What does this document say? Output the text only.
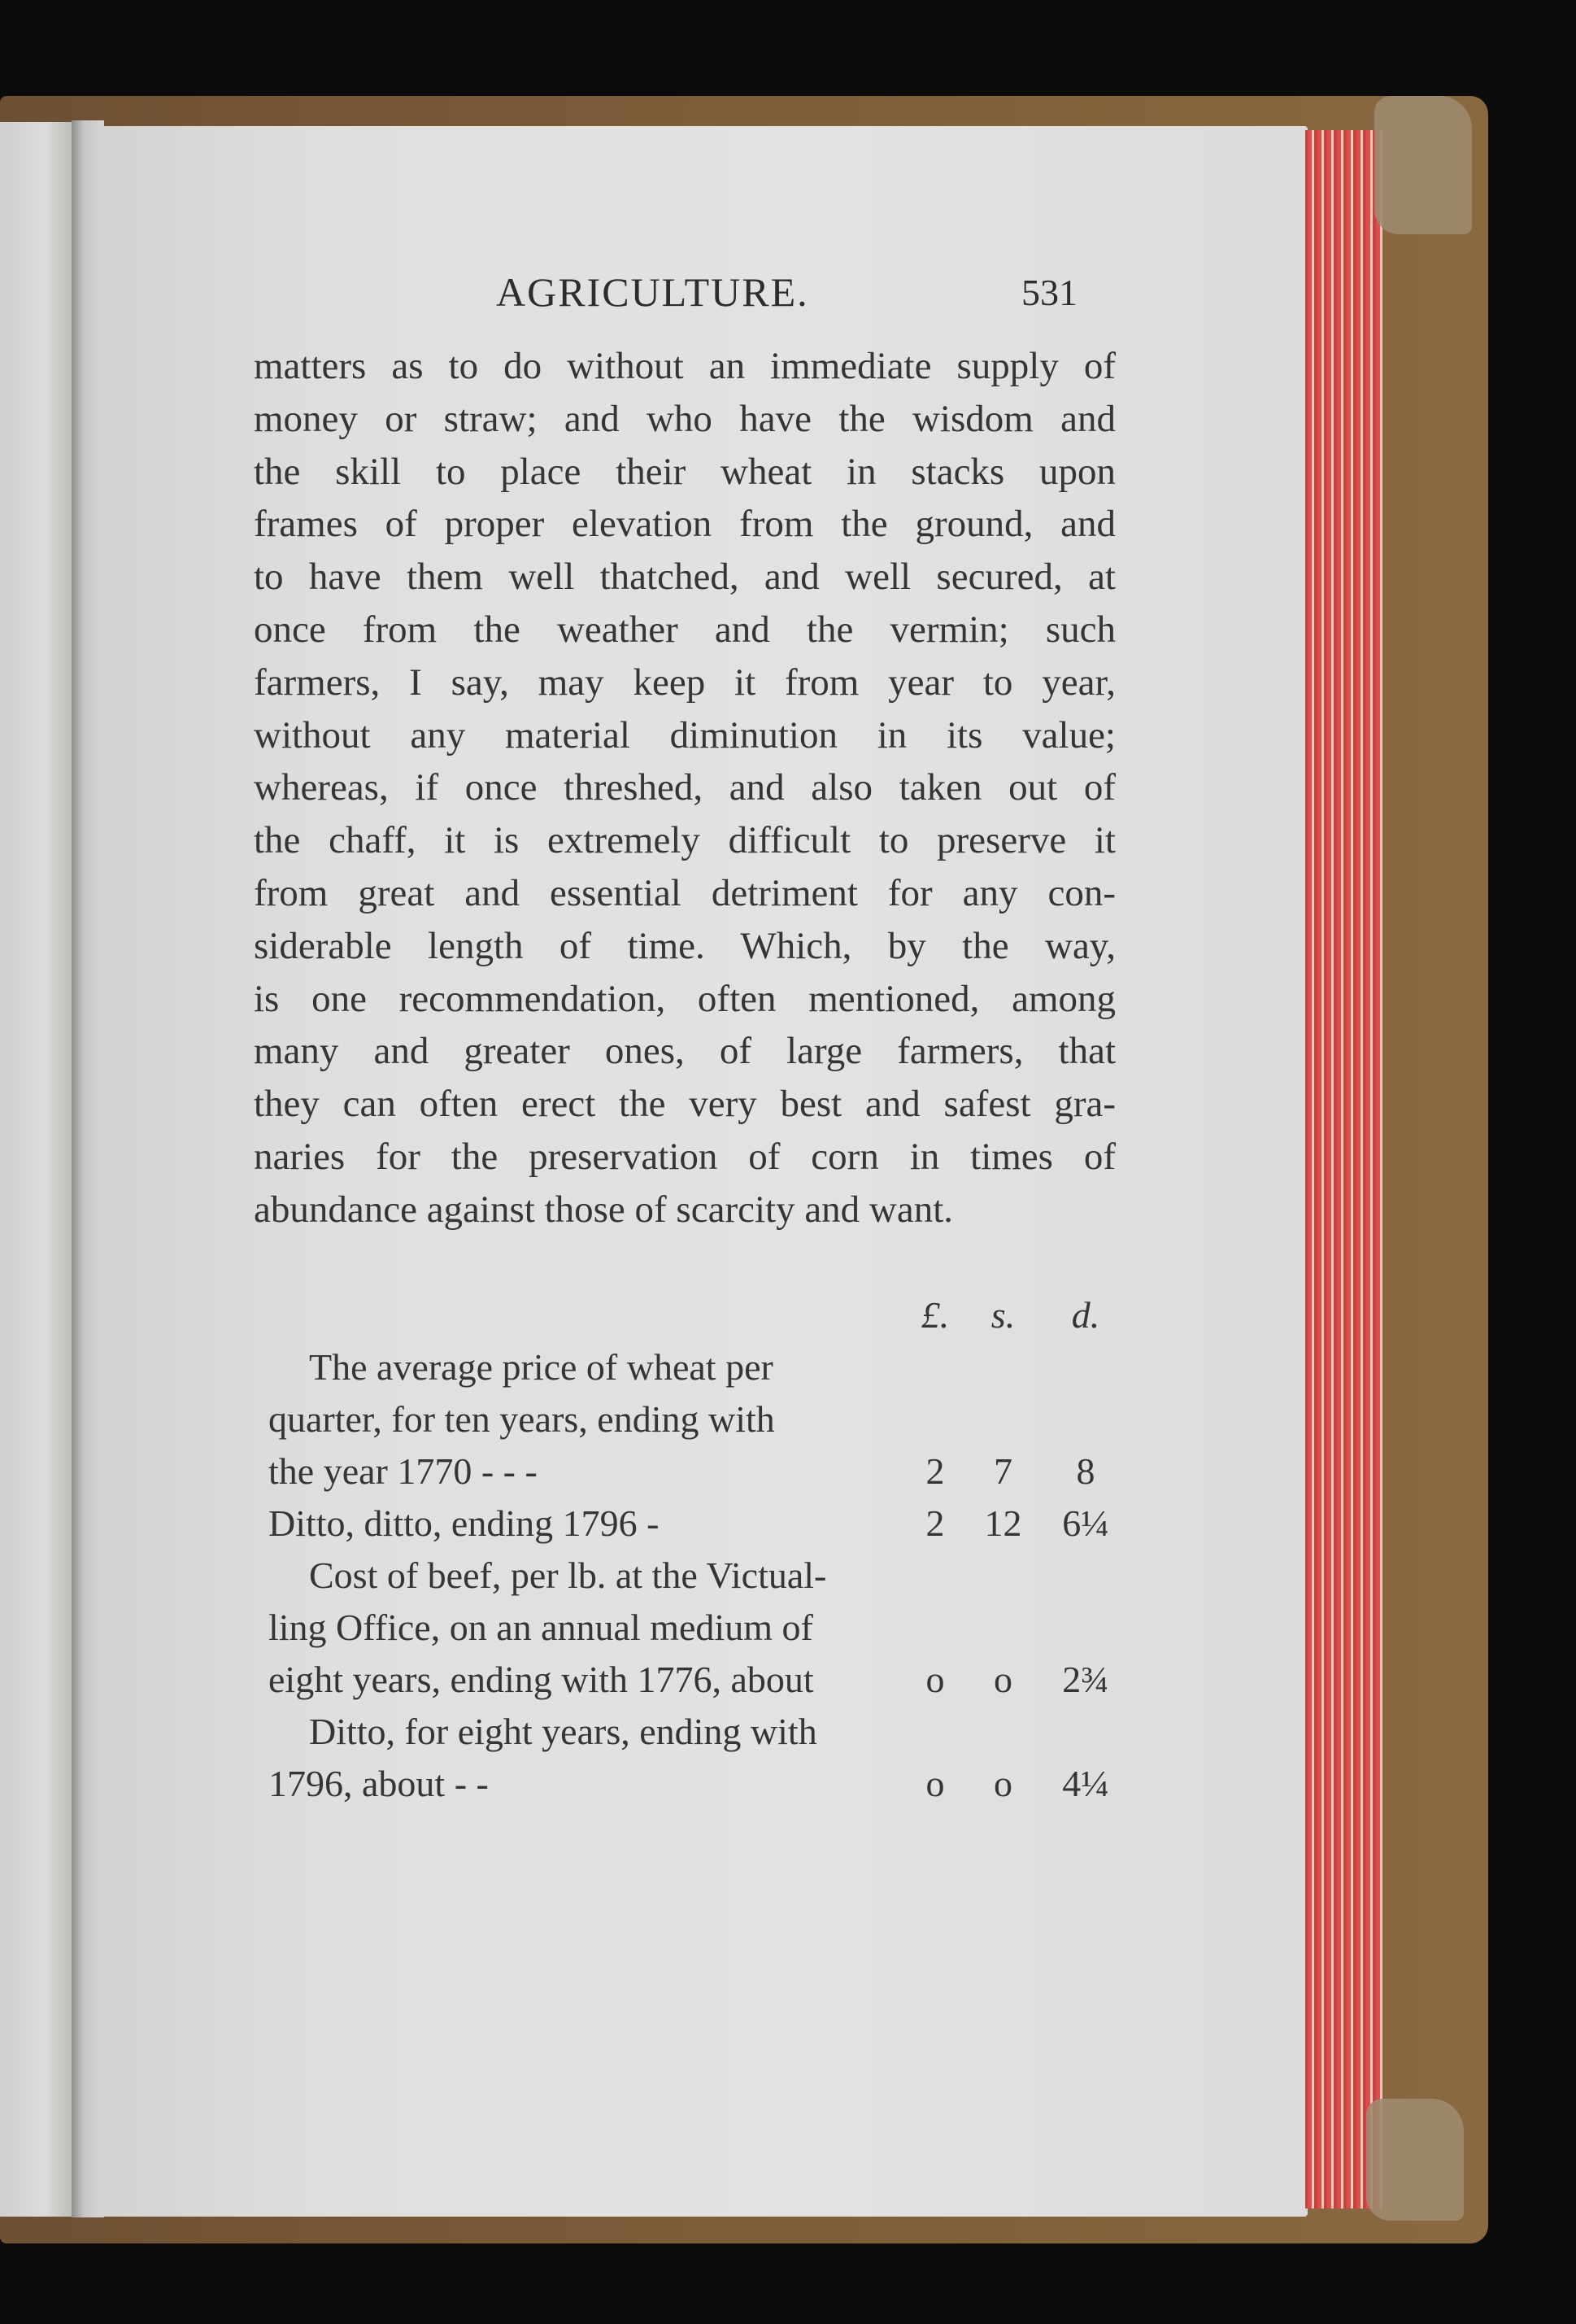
AGRICULTURE.	531
matters as to do without an immediate supply of
money or straw; and who have the wisdom and
the skill to place their wheat in stacks upon
frames of proper elevation from the ground, and
to have them well thatched, and well secured, at
once from the weather and the vermin; such
farmers, I say, may keep it from year to year,
without any material diminution in its value;
whereas, if once threshed, and also taken out of
the chaff, it is extremely difficult to preserve it
from great and essential detriment for any con-
siderable length of time. Which, by the way,
is one recommendation, often mentioned, among
many and greater ones, of large farmers, that
they can often erect the very best and safest gra-
naries for the preservation of corn in times of
abundance against those of scarcity and want.
£.	s.	d.
The average price of wheat per
quarter, for ten years, ending with
the year 1770 - - -	2	7	8
Ditto, ditto, ending 1796 -	2	12	6¼
Cost of beef, per lb. at the Victual-
ling Office, on an annual medium of
eight years, ending with 1776, about	o	o	2¾
Ditto, for eight years, ending with
1796, about - -	o	o	4¼
